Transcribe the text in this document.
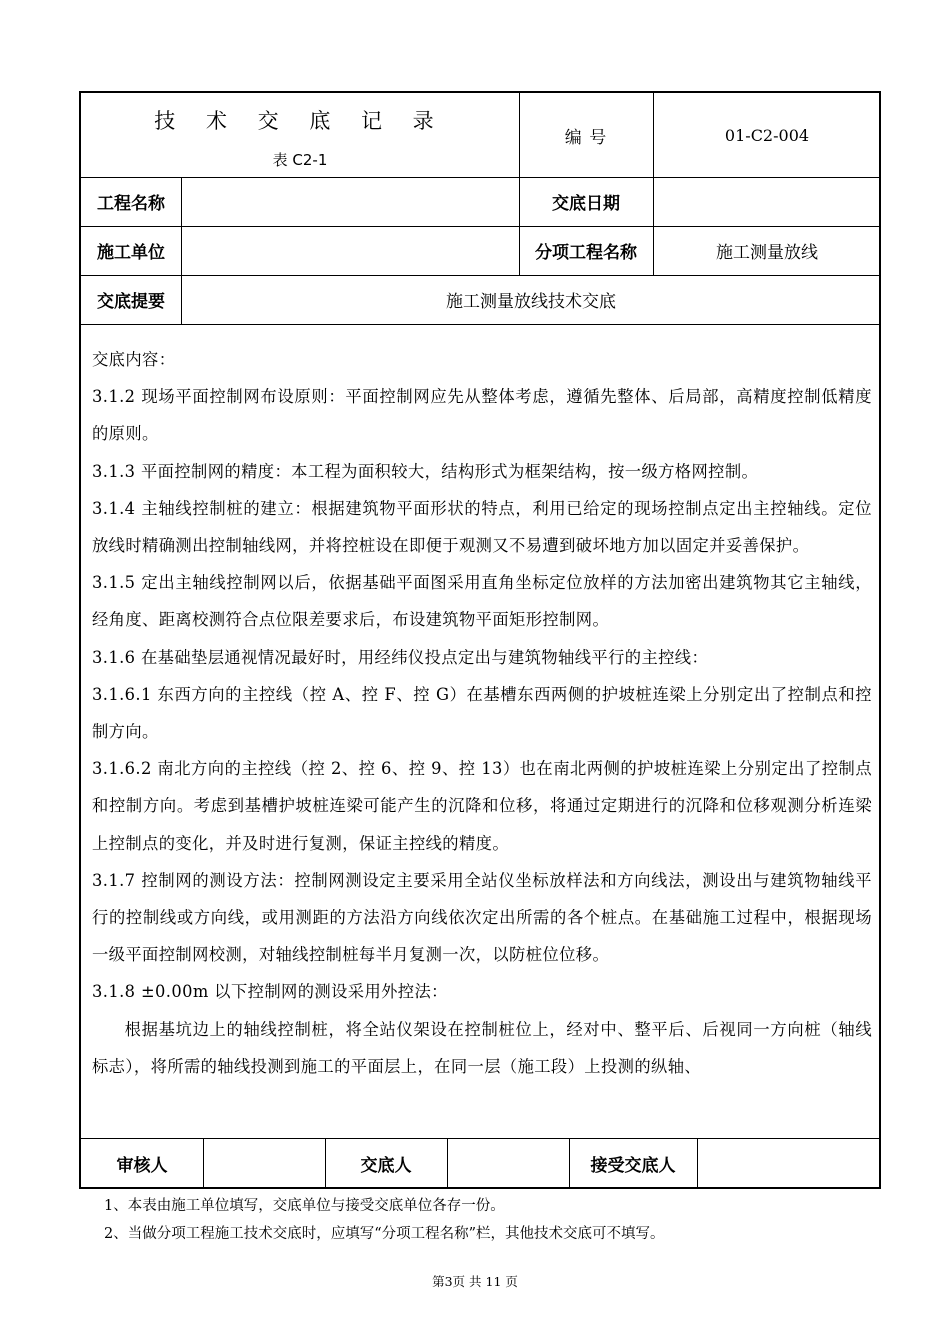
技 术 交 底 记 录
表 C2-1
编 号	01-C2-004
工程名称	交底日期
施工单位	分项工程名称	施工测量放线
交底提要	施工测量放线技术交底

交底内容：

3.1.2 现场平面控制网布设原则：平面控制网应先从整体考虑，遵循先整体、后局部，高精度控制低精度的原则。

3.1.3 平面控制网的精度：本工程为面积较大，结构形式为框架结构，按一级方格网控制。

3.1.4 主轴线控制桩的建立：根据建筑物平面形状的特点，利用已给定的现场控制点定出主控轴线。定位放线时精确测出控制轴线网，并将控桩设在即便于观测又不易遭到破坏地方加以固定并妥善保护。

3.1.5 定出主轴线控制网以后，依据基础平面图采用直角坐标定位放样的方法加密出建筑物其它主轴线，经角度、距离校测符合点位限差要求后，布设建筑物平面矩形控制网。

3.1.6 在基础垫层通视情况最好时，用经纬仪投点定出与建筑物轴线平行的主控线：

3.1.6.1 东西方向的主控线（控 A、控 F、控 G）在基槽东西两侧的护坡桩连梁上分别定出了控制点和控制方向。

3.1.6.2 南北方向的主控线（控 2、控 6、控 9、控 13）也在南北两侧的护坡桩连梁上分别定出了控制点和控制方向。考虑到基槽护坡桩连梁可能产生的沉降和位移，将通过定期进行的沉降和位移观测分析连梁上控制点的变化，并及时进行复测，保证主控线的精度。

3.1.7 控制网的测设方法：控制网测设定主要采用全站仪坐标放样法和方向线法，测设出与建筑物轴线平行的控制线或方向线，或用测距的方法沿方向线依次定出所需的各个桩点。在基础施工过程中，根据现场一级平面控制网校测，对轴线控制桩每半月复测一次，以防桩位位移。

3.1.8 ±0.00m 以下控制网的测设采用外控法：

根据基坑边上的轴线控制桩，将全站仪架设在控制桩位上，经对中、整平后、后视同一方向桩（轴线标志），将所需的轴线投测到施工的平面层上，在同一层（施工段）上投测的纵轴、

审核人	交底人	接受交底人
1、本表由施工单位填写，交底单位与接受交底单位各存一份。
2、当做分项工程施工技术交底时，应填写“分项工程名称”栏，其他技术交底可不填写。
第3页 共 11 页
